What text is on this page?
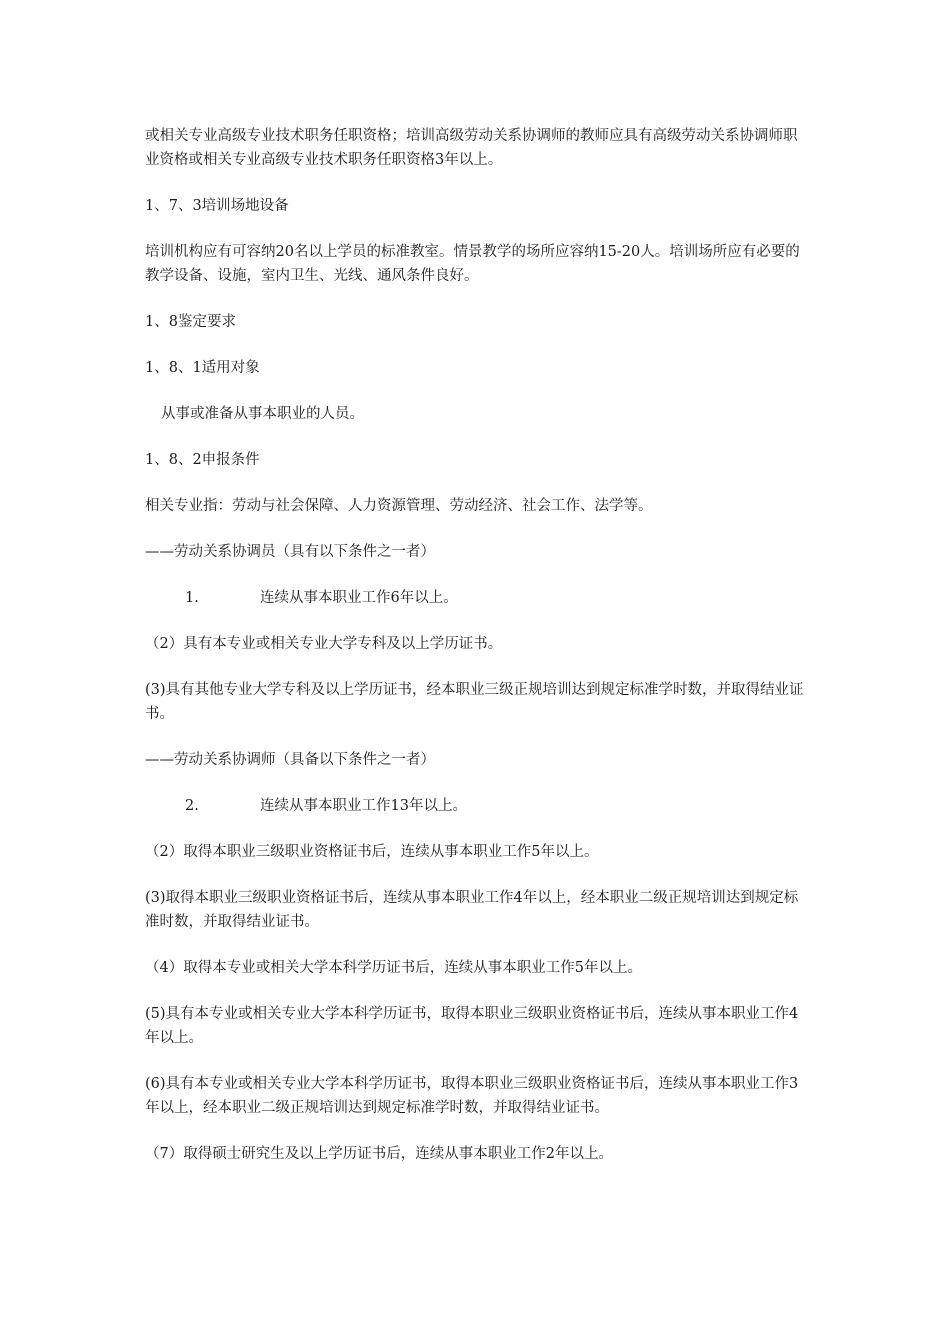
或相关专业高级专业技术职务任职资格；培训高级劳动关系协调师的教师应具有高级劳动关系协调师职业资格或相关专业高级专业技术职务任职资格3年以上。

1、7、3培训场地设备

培训机构应有可容纳20名以上学员的标准教室。情景教学的场所应容纳15-20人。培训场所应有必要的教学设备、设施，室内卫生、光线、通风条件良好。

1、8鉴定要求

1、8、1适用对象

从事或准备从事本职业的人员。

1、8、2申报条件

相关专业指：劳动与社会保障、人力资源管理、劳动经济、社会工作、法学等。

——劳动关系协调员（具有以下条件之一者）

1.	连续从事本职业工作6年以上。

（2）具有本专业或相关专业大学专科及以上学历证书。

(3)具有其他专业大学专科及以上学历证书，经本职业三级正规培训达到规定标准学时数，并取得结业证书。

——劳动关系协调师（具备以下条件之一者）

2.	连续从事本职业工作13年以上。

（2）取得本职业三级职业资格证书后，连续从事本职业工作5年以上。

(3)取得本职业三级职业资格证书后，连续从事本职业工作4年以上，经本职业二级正规培训达到规定标准时数，并取得结业证书。

（4）取得本专业或相关大学本科学历证书后，连续从事本职业工作5年以上。

(5)具有本专业或相关专业大学本科学历证书，取得本职业三级职业资格证书后，连续从事本职业工作4年以上。

(6)具有本专业或相关专业大学本科学历证书，取得本职业三级职业资格证书后，连续从事本职业工作3年以上，经本职业二级正规培训达到规定标准学时数，并取得结业证书。

（7）取得硕士研究生及以上学历证书后，连续从事本职业工作2年以上。
